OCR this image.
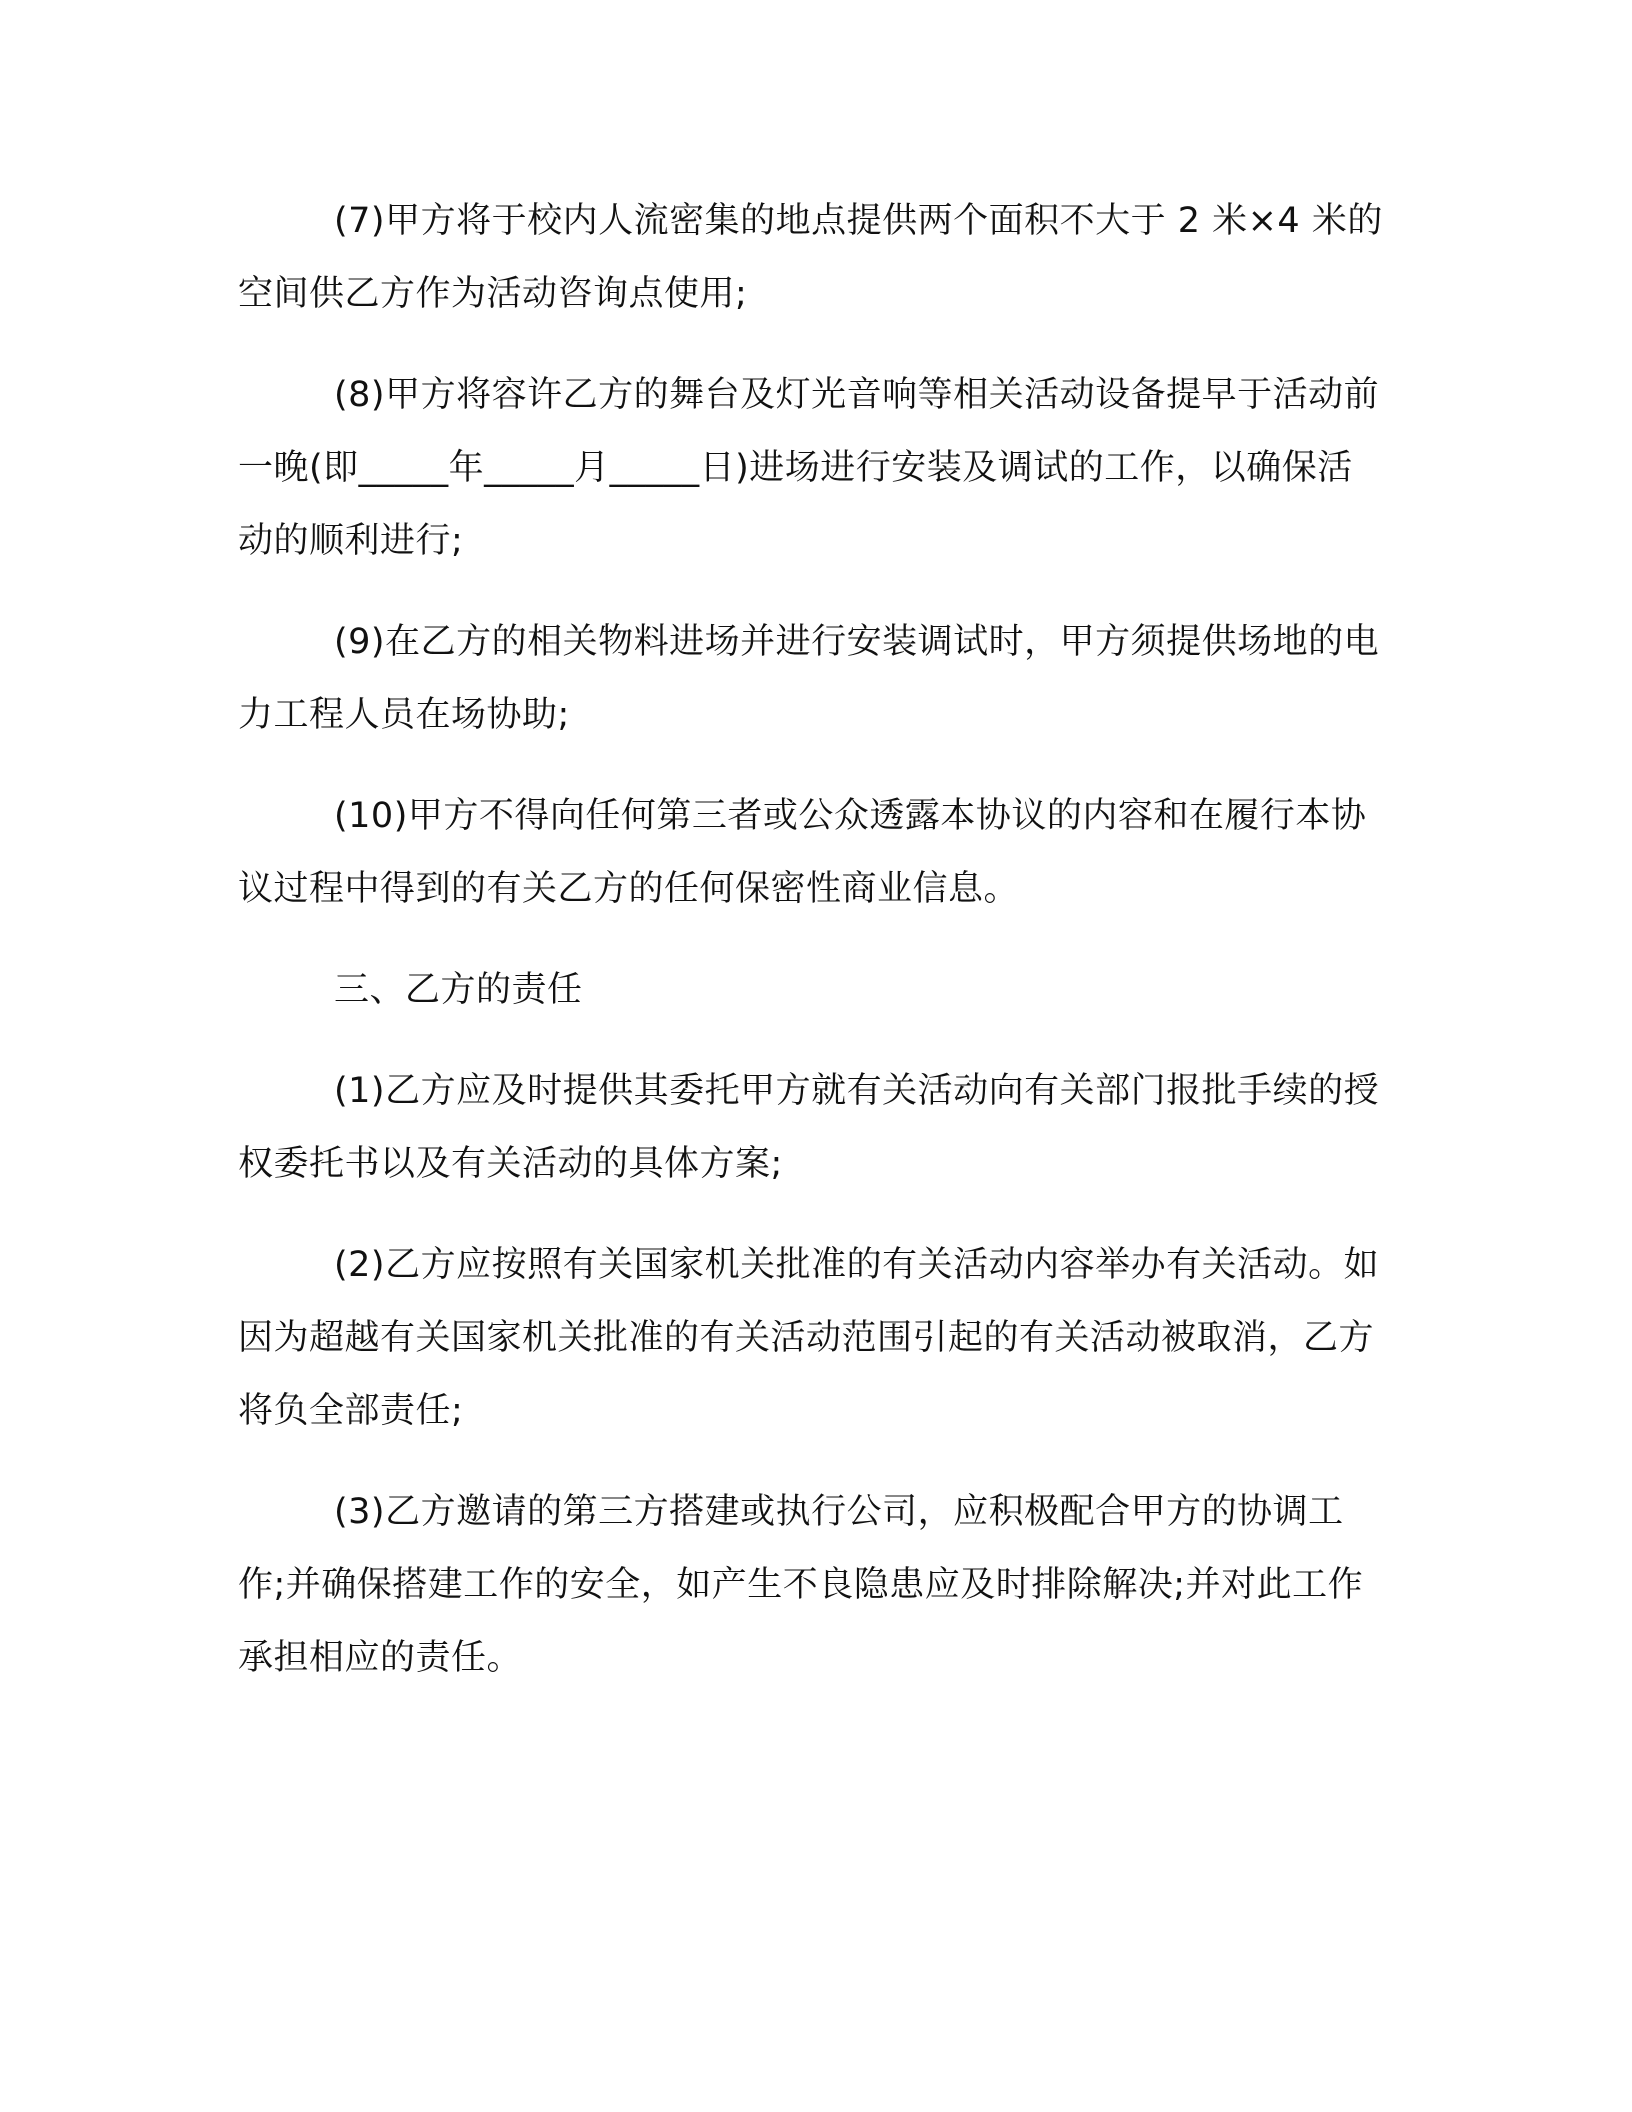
(7)甲方将于校内人流密集的地点提供两个面积不大于 2 米×4 米的空间供乙方作为活动咨询点使用;

(8)甲方将容许乙方的舞台及灯光音响等相关活动设备提早于活动前一晚(即_____年_____月_____日)进场进行安装及调试的工作，以确保活动的顺利进行;

(9)在乙方的相关物料进场并进行安装调试时，甲方须提供场地的电力工程人员在场协助;

(10)甲方不得向任何第三者或公众透露本协议的内容和在履行本协议过程中得到的有关乙方的任何保密性商业信息。

三、乙方的责任

(1)乙方应及时提供其委托甲方就有关活动向有关部门报批手续的授权委托书以及有关活动的具体方案;

(2)乙方应按照有关国家机关批准的有关活动内容举办有关活动。如因为超越有关国家机关批准的有关活动范围引起的有关活动被取消，乙方将负全部责任;

(3)乙方邀请的第三方搭建或执行公司，应积极配合甲方的协调工作;并确保搭建工作的安全，如产生不良隐患应及时排除解决;并对此工作承担相应的责任。
